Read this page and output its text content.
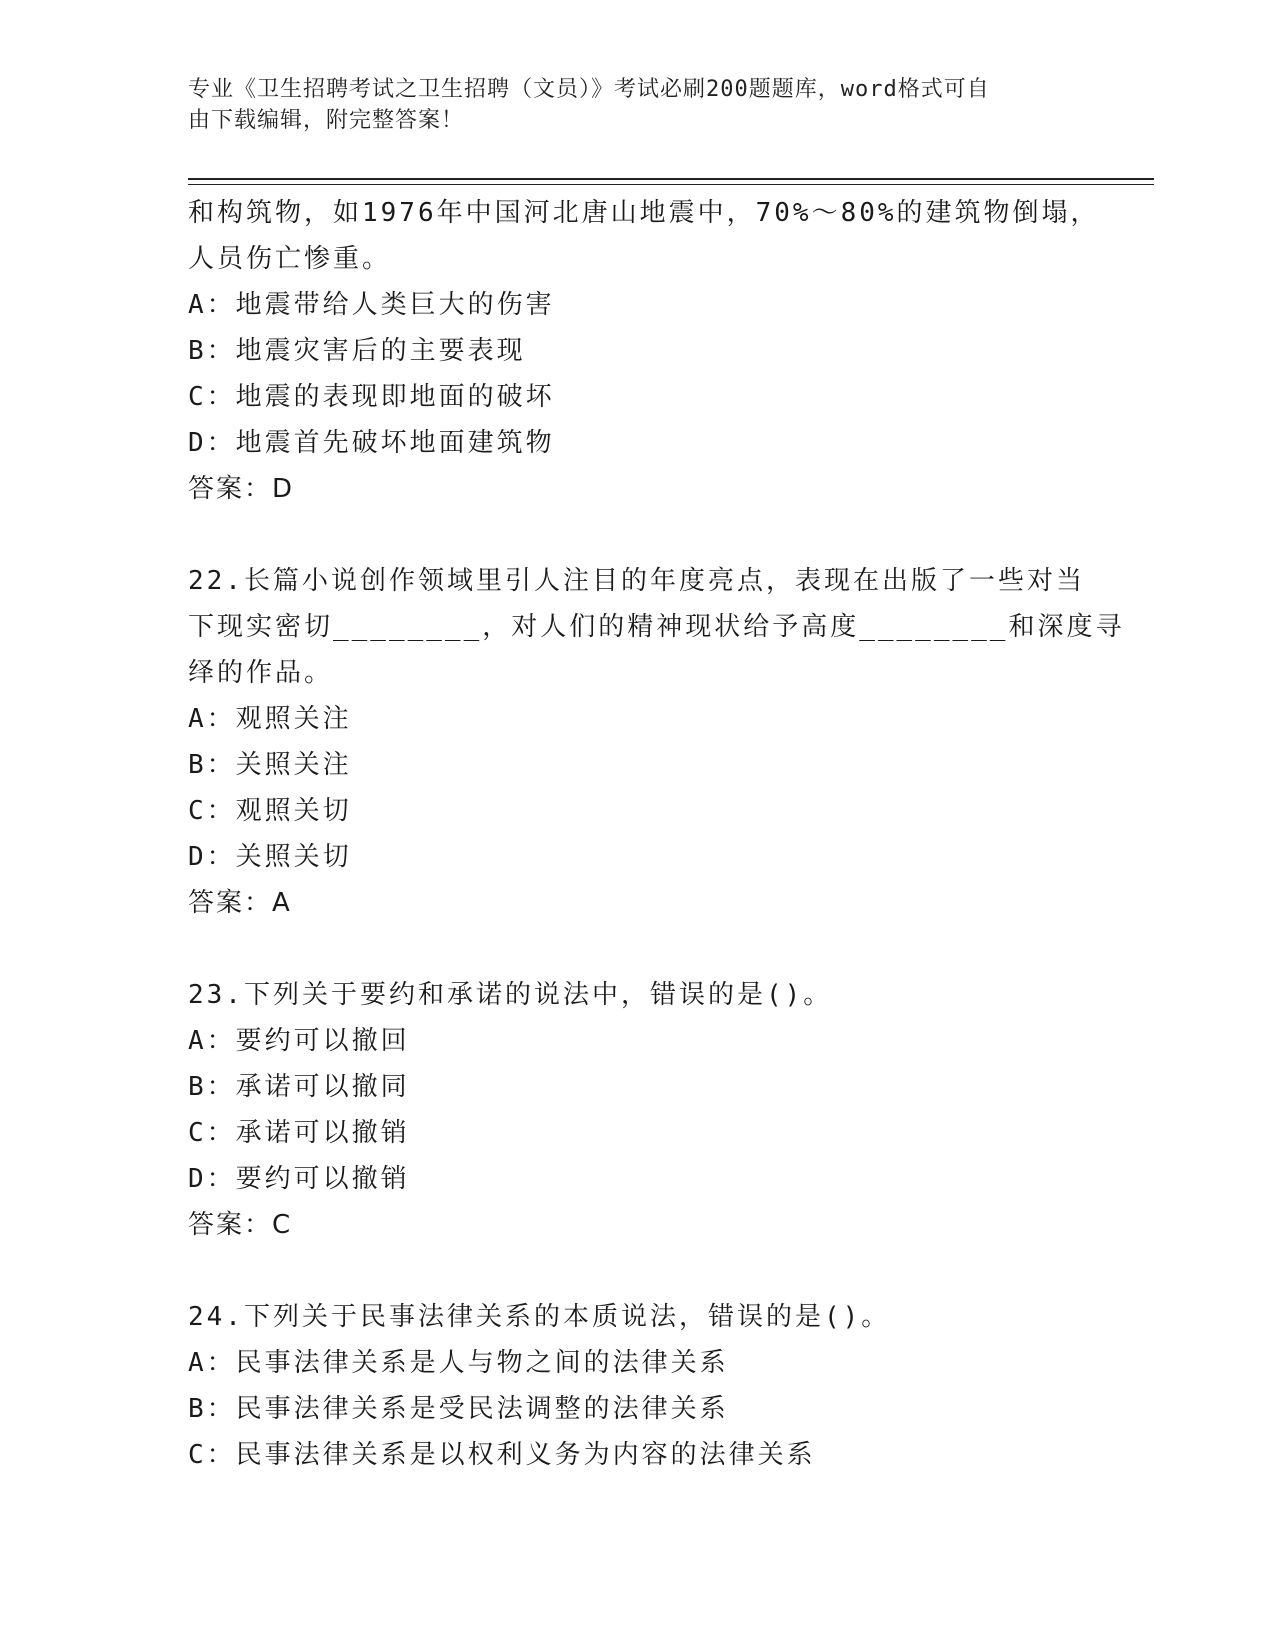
专业《卫生招聘考试之卫生招聘（文员）》考试必刷200题题库，word格式可自
由下载编辑，附完整答案！

和构筑物，如1976年中国河北唐山地震中，70%～80%的建筑物倒塌，

人员伤亡惨重。

A：地震带给人类巨大的伤害

B：地震灾害后的主要表现

C：地震的表现即地面的破坏

D：地震首先破坏地面建筑物

答案：D

22.长篇小说创作领域里引人注目的年度亮点，表现在出版了一些对当

下现实密切________，对人们的精神现状给予高度________和深度寻

绎的作品。

A：观照关注

B：关照关注

C：观照关切

D：关照关切

答案：A

23.下列关于要约和承诺的说法中，错误的是()。

A：要约可以撤回

B：承诺可以撤同

C：承诺可以撤销

D：要约可以撤销

答案：C

24.下列关于民事法律关系的本质说法，错误的是()。

A：民事法律关系是人与物之间的法律关系

B：民事法律关系是受民法调整的法律关系

C：民事法律关系是以权利义务为内容的法律关系
